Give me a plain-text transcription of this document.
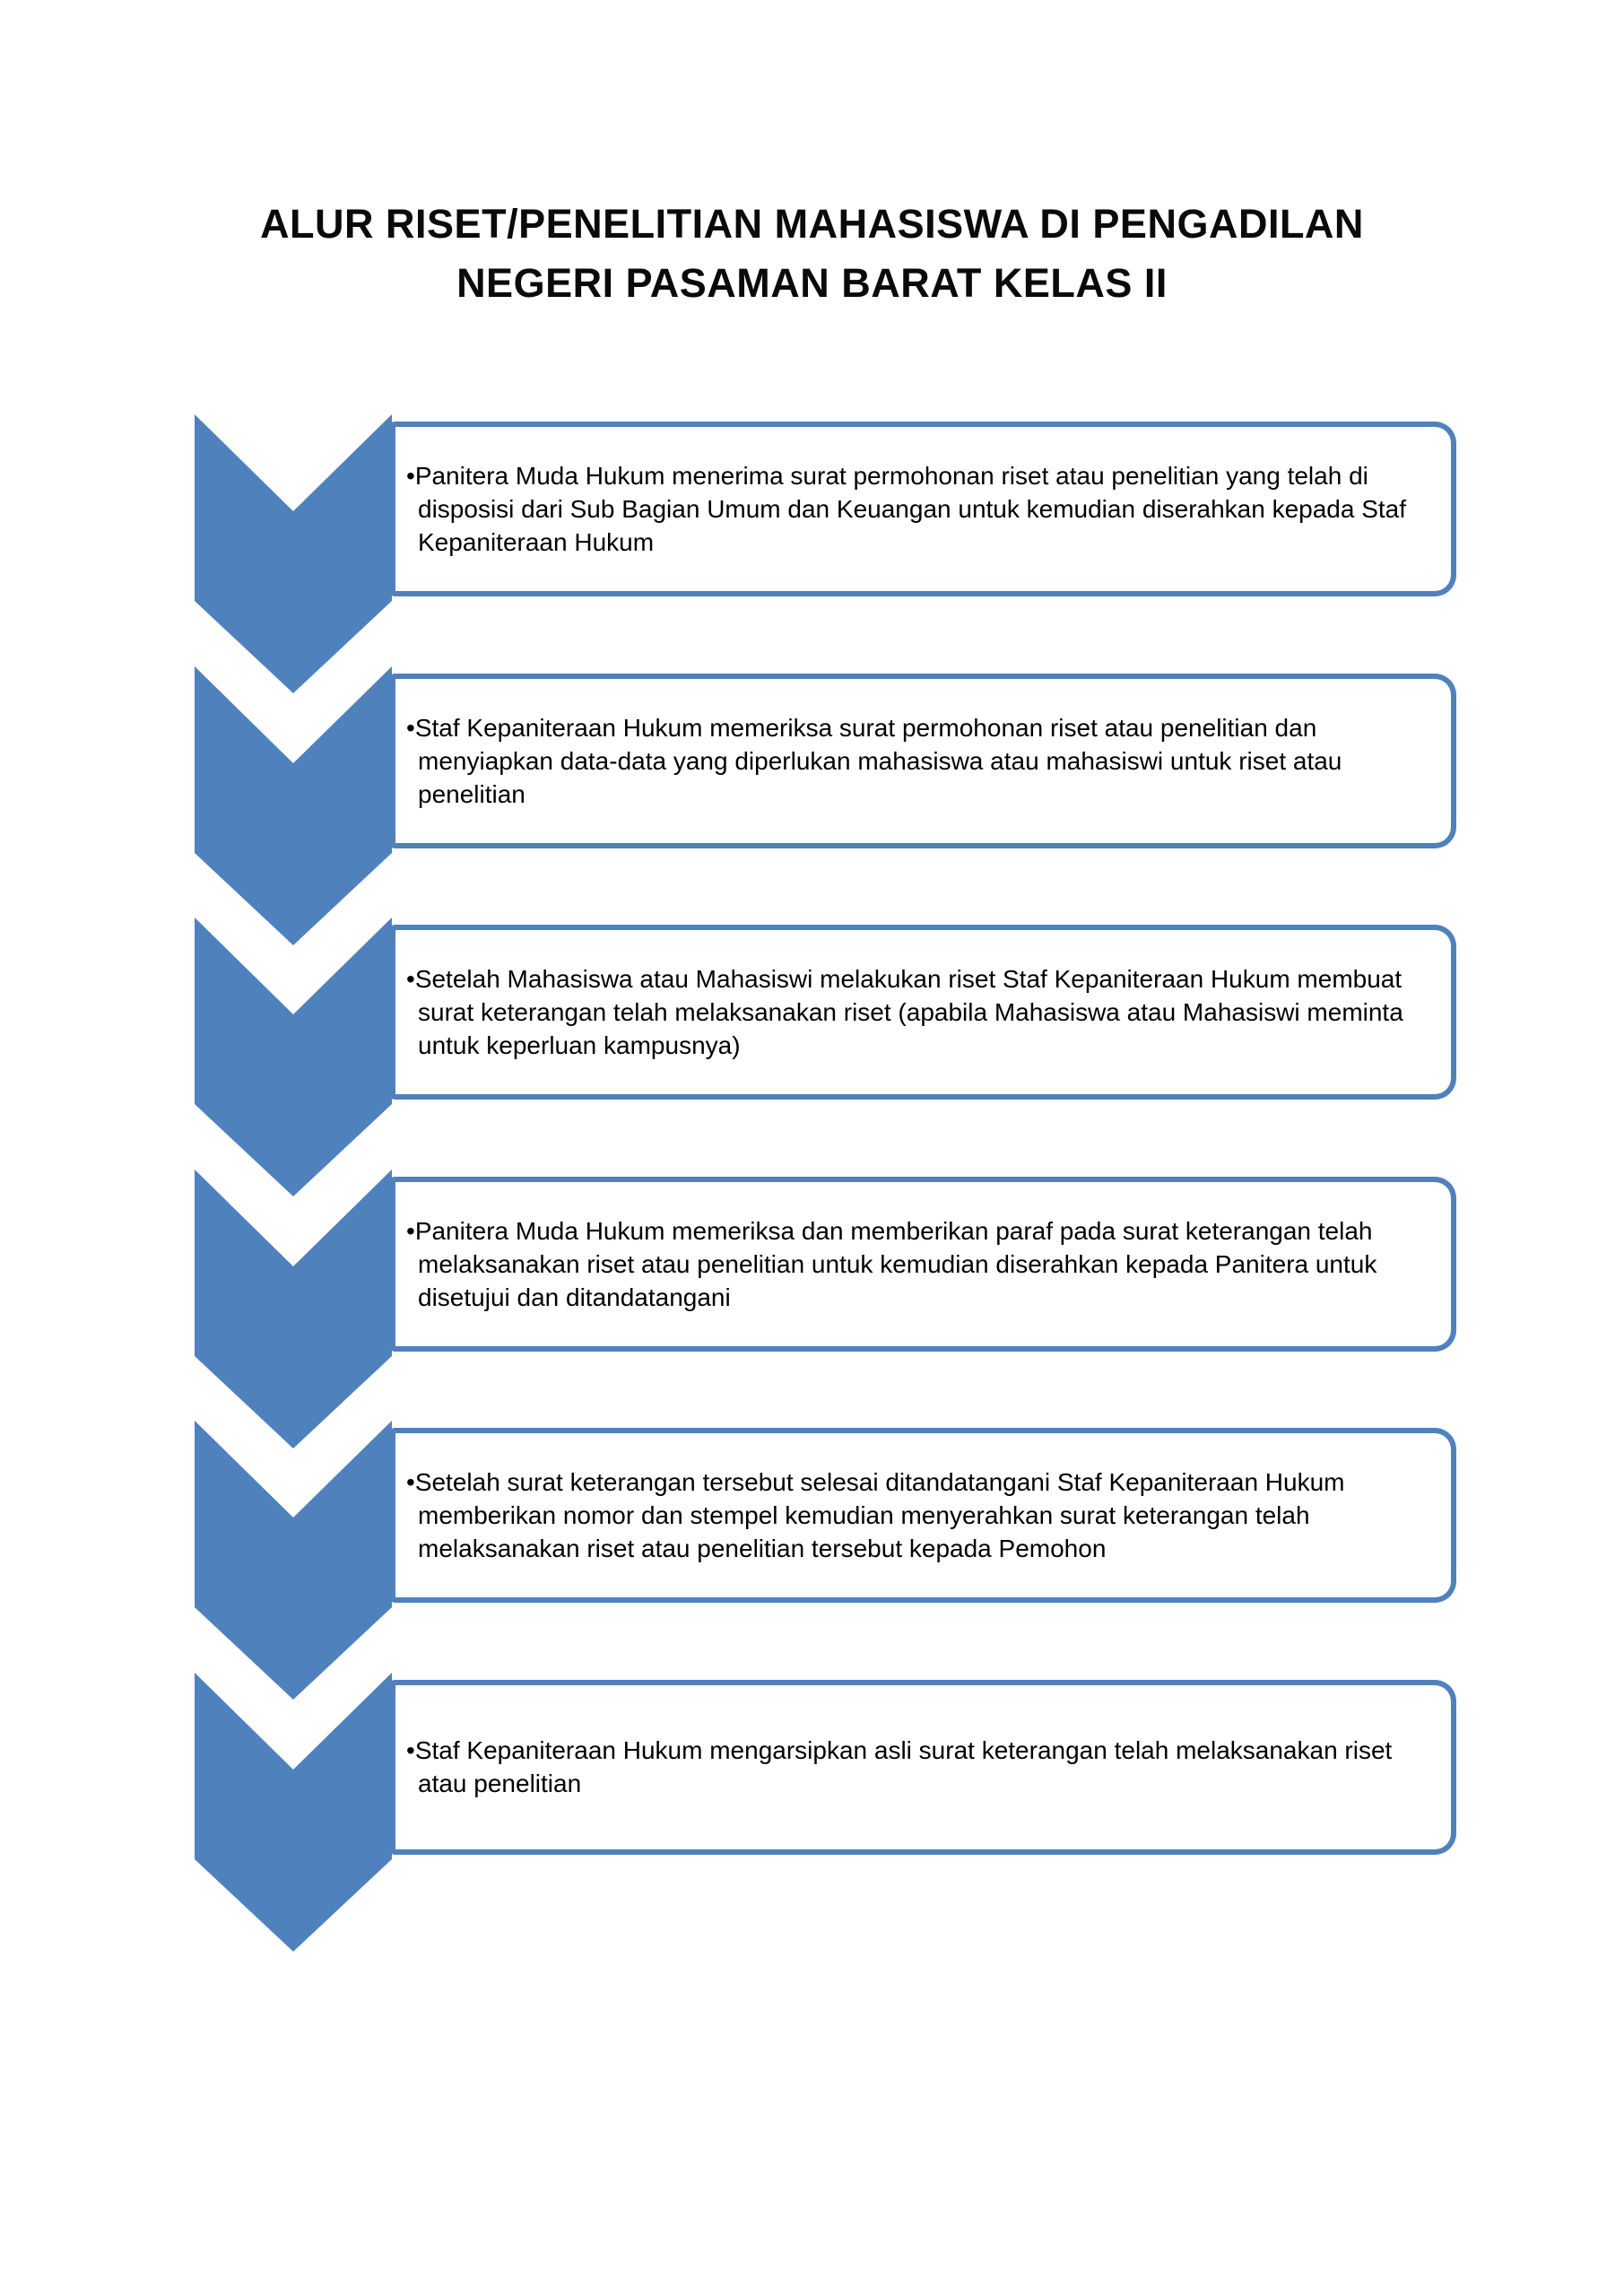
ALUR RISET/PENELITIAN MAHASISWA DI PENGADILAN
NEGERI PASAMAN BARAT KELAS II
•Panitera Muda Hukum menerima surat permohonan riset atau penelitian yang telah di disposisi dari Sub Bagian Umum dan Keuangan untuk kemudian diserahkan kepada Staf Kepaniteraan Hukum
•Staf Kepaniteraan Hukum memeriksa surat permohonan riset atau penelitian dan menyiapkan data-data yang diperlukan mahasiswa atau mahasiswi untuk riset atau penelitian
•Setelah Mahasiswa atau Mahasiswi melakukan riset Staf Kepaniteraan Hukum membuat surat keterangan telah melaksanakan riset (apabila Mahasiswa atau Mahasiswi meminta untuk keperluan kampusnya)
•Panitera Muda Hukum memeriksa dan memberikan paraf pada surat keterangan telah melaksanakan riset atau penelitian untuk kemudian diserahkan kepada Panitera untuk disetujui dan ditandatangani
•Setelah surat keterangan tersebut selesai ditandatangani Staf Kepaniteraan Hukum memberikan nomor dan stempel kemudian menyerahkan surat keterangan telah melaksanakan riset atau penelitian tersebut kepada Pemohon
•Staf Kepaniteraan Hukum mengarsipkan asli surat keterangan telah melaksanakan riset atau penelitian
